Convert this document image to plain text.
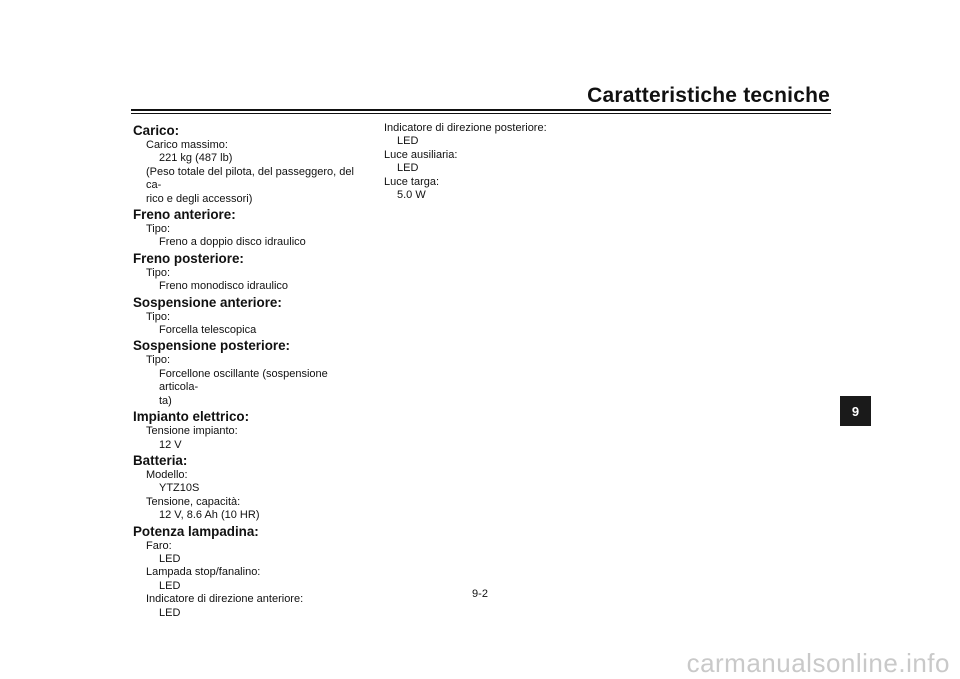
Caratteristiche tecniche
Carico:
Carico massimo:
221 kg (487 lb)
(Peso totale del pilota, del passeggero, del ca-
rico e degli accessori)
Freno anteriore:
Tipo:
Freno a doppio disco idraulico
Freno posteriore:
Tipo:
Freno monodisco idraulico
Sospensione anteriore:
Tipo:
Forcella telescopica
Sospensione posteriore:
Tipo:
Forcellone oscillante (sospensione articola-
ta)
Impianto elettrico:
Tensione impianto:
12 V
Batteria:
Modello:
YTZ10S
Tensione, capacità:
12 V, 8.6 Ah (10 HR)
Potenza lampadina:
Faro:
LED
Lampada stop/fanalino:
LED
Indicatore di direzione anteriore:
LED
Indicatore di direzione posteriore:
LED
Luce ausiliaria:
LED
Luce targa:
5.0 W
9
9-2
carmanualsonline.info
